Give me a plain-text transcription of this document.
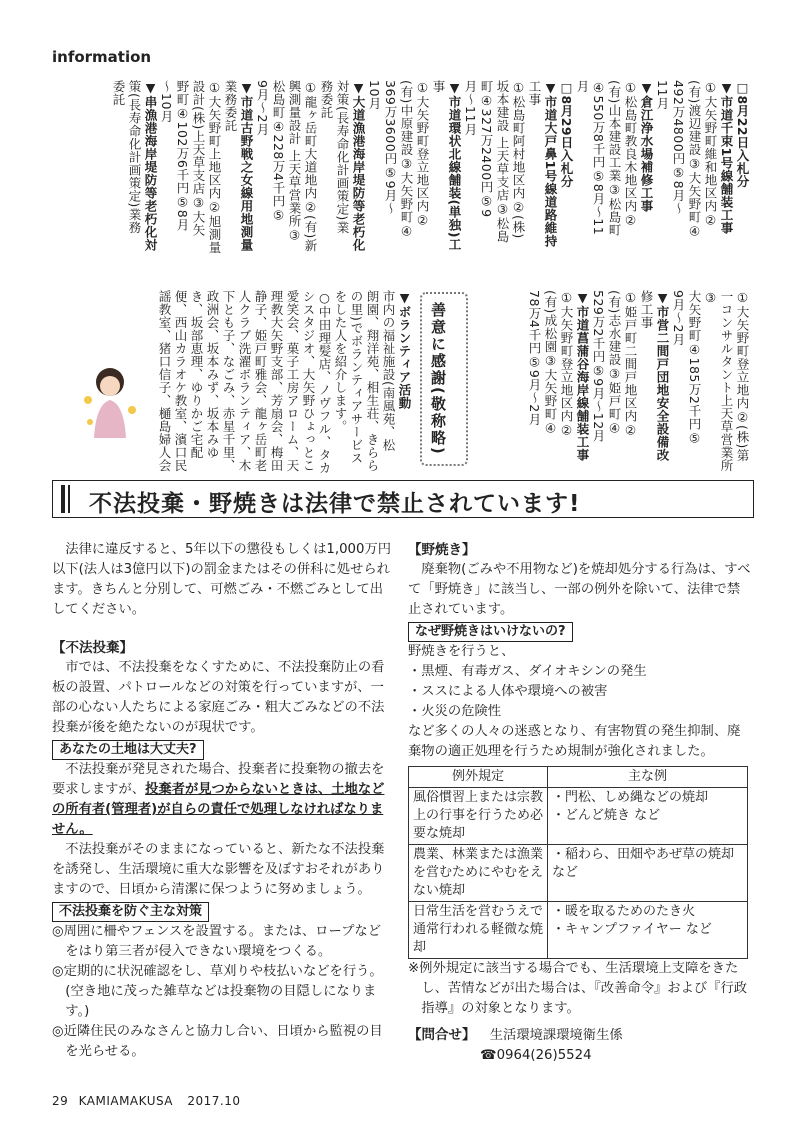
information

□8月22日入札分

▼市道千束1号線舗装工事

①大矢野町維和地区内②

(有)渡辺建設③大矢野町④

492万4800円⑤8月〜

11月

▼倉江浄水場補修工事

①松島町教良木地区内②

(有)山本建設工業③松島町

④550万8千円⑤8月〜11

月

□8月29日入札分

▼市道大戸鼻1号線道路維持

工事

①松島町阿村地区内②(株)

坂本建設 上天草支店③松島

町④327万2400円⑤9

月〜11月

▼市道環状北線舗装(単独)工

事

①大矢野町登立地区内②

(有)中原建設③大矢野町④

369万3600円⑤9月〜

10月

▼大道漁港海岸堤防等老朽化

対策(長寿命化計画策定)業

務委託

①龍ヶ岳町大道地内②(有)新

興測量設計 上天草営業所③

松島町④228万4千円⑤

9月〜2月

▼市道古野戦之女線用地測量

業務委託

①大矢野町上地区内②旭測量

設計(株)上天草支店③大矢

野町④102万6千円⑤8月

〜10月

▼串漁港海岸堤防等老朽化対

策(長寿命化計画策定)業務

委託

①大矢野町登立地内②(株)第

一コンサルタント上天草営業所③

大矢野町④185万2千円⑤

9月〜2月

▼市営二間戸団地安全設備改

修工事

①姫戸町二間戸地区内②

(有)志水建設③姫戸町④

529万2千円⑤9月〜12月

▼市道菖蒲谷海岸線舗装工事

①大矢野町登立地区内②

(有)成松園③大矢野町④

78万4千円⑤9月〜2月

善意に感謝(敬称略)

▼ボランティア活動

市内の福祉施設(南風苑、松

朗園、翔洋苑、相生荘、きらら

の里)でボランティアサービス

をした人を紹介します。

○中田理髪店、ノヴフル、タカ

シスタジオ、大矢野ひょっとこ

愛笑会、菓子工房アローム、天

理教大矢野支部、芳扇会、梅田

静子、姫戸町雅会、龍ヶ岳町老

人クラブ洗濯ボランティア、木

下とも子、なごみ、赤星千里、

政洲会、坂本みず、坂本みゆ

き、坂部恵理、ゆりかご宅配

便、西山カラオケ教室、濱口民

謡教室、猪口信子、樋島婦人会

不法投棄・野焼きは法律で禁止されています!
法律に違反すると、5年以下の懲役もしくは1,000万円以下(法人は3億円以下)の罰金またはその併科に処せられます。きちんと分別して、可燃ごみ・不燃ごみとして出してください。
【不法投棄】
市では、不法投棄をなくすために、不法投棄防止の看板の設置、パトロールなどの対策を行っていますが、一部の心ない人たちによる家庭ごみ・粗大ごみなどの不法投棄が後を絶たないのが現状です。
あなたの土地は大丈夫?
不法投棄が発見された場合、投棄者に投棄物の撤去を要求しますが、投棄者が見つからないときは、土地などの所有者(管理者)が自らの責任で処理しなければなりません。
不法投棄がそのままになっていると、新たな不法投棄を誘発し、生活環境に重大な影響を及ぼすおそれがありますので、日頃から清潔に保つように努めましょう。
不法投棄を防ぐ主な対策
◎周囲に柵やフェンスを設置する。または、ロープなどをはり第三者が侵入できない環境をつくる。
◎定期的に状況確認をし、草刈りや枝払いなどを行う。(空き地に茂った雑草などは投棄物の目隠しになります。)
◎近隣住民のみなさんと協力し合い、日頃から監視の目を光らせる。
【野焼き】
廃棄物(ごみや不用物など)を焼却処分する行為は、すべて「野焼き」に該当し、一部の例外を除いて、法律で禁止されています。
なぜ野焼きはいけないの?
野焼きを行うと、
・黒煙、有毒ガス、ダイオキシンの発生
・ススによる人体や環境への被害
・火災の危険性
など多くの人々の迷惑となり、有害物質の発生抑制、廃棄物の適正処理を行うため規制が強化されました。
例外規定	主な例
風俗慣習上または宗教上の行事を行うため必要な焼却	・門松、しめ縄などの焼却
・どんど焼き など
農業、林業または漁業を営むためにやむをえない焼却	・稲わら、田畑やあぜ草の焼却など
日常生活を営むうえで通常行われる軽微な焼却	・暖を取るためのたき火
・キャンプファイヤー など
※例外規定に該当する場合でも、生活環境上支障をきたし、苦情などが出た場合は、『改善命令』および『行政指導』の対象となります。
【問合せ】 生活環境課環境衛生係
☎0964(26)5524
29 KAMIAMAKUSA 2017.10
